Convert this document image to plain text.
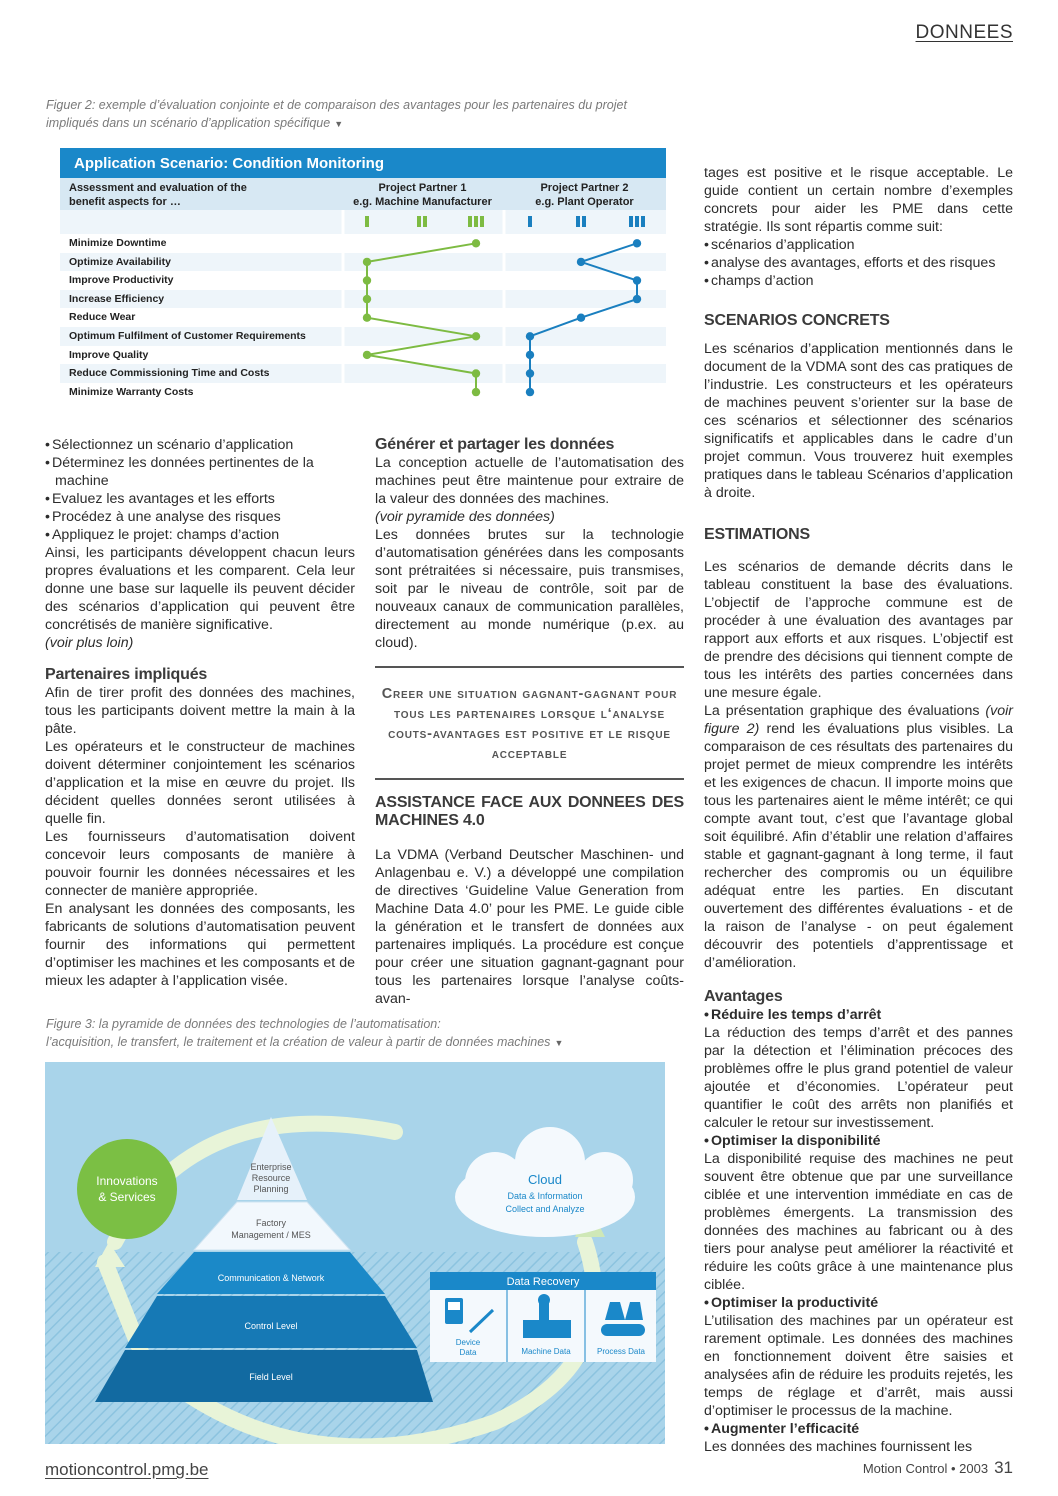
DONNEES
Figuer 2: exemple d’évaluation conjointe et de comparaison des avantages pour les partenaires du projet
impliqués dans un scénario d’application spécifique ▼
Application Scenario: Condition Monitoring
Assessment and evaluation of the
benefit aspects for …
Project Partner 1
e.g. Machine Manufacturer
Project Partner 2
e.g. Plant Operator
Minimize Downtime
Optimize Availability
Improve Productivity
Increase Efficiency
Reduce Wear
Optimum Fulfilment of Customer Requirements
Improve Quality
Reduce Commissioning Time and Costs
Minimize Warranty Costs
• Sélectionnez un scénario d’application
• Déterminez les données pertinentes de la machine
• Evaluez les avantages et les efforts
• Procédez à une analyse des risques
• Appliquez le projet: champs d’action

Ainsi, les participants développent chacun leurs propres évaluations et les comparent. Cela leur donne une base sur laquelle ils peuvent décider des scénarios d’application qui peuvent être concrétisés de manière significative.

(voir plus loin)

Partenaires impliqués

Afin de tirer profit des données des machines, tous les participants doivent mettre la main à la pâte.

Les opérateurs et le constructeur de machines doivent déterminer conjointement les scénarios d’application et la mise en œuvre du projet. Ils décident quelles données seront utilisées à quelle fin.

Les fournisseurs d’automatisation doivent concevoir leurs composants de manière à pouvoir fournir les données nécessaires et les connecter de manière appropriée.

En analysant les données des composants, les fabricants de solutions d’automatisation peuvent fournir des informations qui permettent d’optimiser les machines et les composants et de mieux les adapter à l’application visée.

Générer et partager les données

La conception actuelle de l’automatisation des machines peut être maintenue pour extraire de la valeur des données des machines.

(voir pyramide des données)

Les données brutes sur la technologie d’automatisation générées dans les composants sont prétraitées si nécessaire, puis transmises, soit par le niveau de contrôle, soit par de nouveaux canaux de communication parallèles, directement au monde numérique (p.ex. au cloud).

Creer une situation gagnant-gagnant pour tous les partenaires lorsque l‘analyse couts-avantages est positive et le risque acceptable
ASSISTANCE FACE AUX DONNEES DES MACHINES 4.0

La VDMA (Verband Deutscher Maschinen- und Anlagenbau e. V.) a développé une compilation de directives ‘Guideline Value Generation from Machine Data 4.0’ pour les PME. Le guide cible la génération et le transfert de données aux partenaires impliqués. La procédure est conçue pour créer une situation gagnant-gagnant pour tous les partenaires lorsque l’analyse coûts-avan-

tages est positive et le risque acceptable. Le guide contient un certain nombre d’exemples concrets pour aider les PME dans cette stratégie. Ils sont répartis comme suit:

• scénarios d’application
• analyse des avantages, efforts et des risques
• champs d’action
SCENARIOS CONCRETS

Les scénarios d’application mentionnés dans le document de la VDMA sont des cas pratiques de l’industrie. Les constructeurs et les opérateurs de machines peuvent s’orienter sur la base de ces scénarios et sélectionner des scénarios significatifs et applicables dans le cadre d’un projet commun. Vous trouverez huit exemples pratiques dans le tableau Scénarios d’application à droite.

ESTIMATIONS

Les scénarios de demande décrits dans le tableau constituent la base des évaluations. L’objectif de l’approche commune est de procéder à une évaluation des avantages par rapport aux efforts et aux risques. L’objectif est de prendre des décisions qui tiennent compte de tous les intérêts des parties concernées dans une mesure égale.

La présentation graphique des évaluations (voir figure 2) rend les évaluations plus visibles. La comparaison de ces résultats des partenaires du projet permet de mieux comprendre les intérêts et les exigences de chacun. Il importe moins que tous les partenaires aient le même intérêt; ce qui compte avant tout, c’est que l’avantage global soit équilibré. Afin d’établir une relation d’affaires stable et gagnant-gagnant à long terme, il faut rechercher des compromis ou un équilibre adéquat entre les parties. En discutant ouvertement des différentes évaluations - et de la raison de l’analyse - on peut également découvrir des potentiels d’apprentissage et d’amélioration.

Avantages
• Réduire les temps d’arrêt

La réduction des temps d’arrêt et des pannes par la détection et l’élimination précoces des problèmes offre le plus grand potentiel de valeur ajoutée et d’économies. L’opérateur peut quantifier le coût des arrêts non planifiés et calculer le retour sur investissement.

• Optimiser la disponibilité

La disponibilité requise des machines ne peut souvent être obtenue que par une surveillance ciblée et une intervention immédiate en cas de problèmes émergents. La transmission des données des machines au fabricant ou à des tiers pour analyse peut améliorer la réactivité et réduire les coûts grâce à une maintenance plus ciblée.

• Optimiser la productivité

L’utilisation des machines par un opérateur est rarement optimale. Les données des machines en fonctionnement doivent être saisies et analysées afin de réduire les produits rejetés, les temps de réglage et d’arrêt, mais aussi d’optimiser le processus de la machine.

• Augmenter l’efficacité

Les données des machines fournissent les

Figure 3: la pyramide de données des technologies de l’automatisation:
l’acquisition, le transfert, le traitement et la création de valeur à partir de données machines ▼
Innovations
& Services
Enterprise
Resource
Planning
Factory
Management / MES
Communication & Network
Control Level
Field Level
Cloud
Data & Information
Collect and Analyze
Data Recovery
Device
Data	Machine Data	Process Data
motioncontrol.pmg.be	Motion Control • 2003 31
